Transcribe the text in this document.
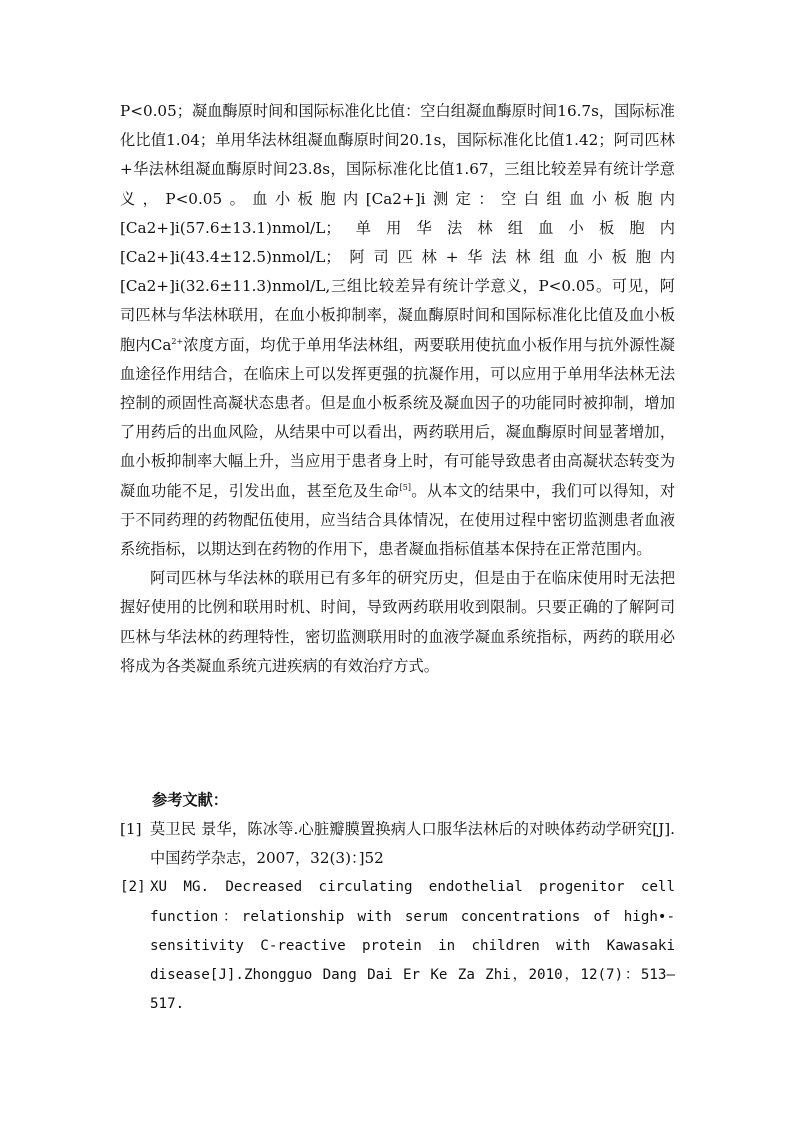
P<0.05；凝血酶原时间和国际标准化比值：空白组凝血酶原时间16.7s，国际标准化比值1.04；单用华法林组凝血酶原时间20.1s，国际标准化比值1.42；阿司匹林+华法林组凝血酶原时间23.8s，国际标准化比值1.67，三组比较差异有统计学意义，P<0.05。血小板胞内[Ca2+]i测定：空白组血小板胞内[Ca2+]i(57.6±13.1)nmol/L；单用华法林组血小板胞内[Ca2+]i(43.4±12.5)nmol/L；阿司匹林+华法林组血小板胞内[Ca2+]i(32.6±11.3)nmol/L,三组比较差异有统计学意义，P<0.05。可见，阿司匹林与华法林联用，在血小板抑制率，凝血酶原时间和国际标准化比值及血小板胞内$Ca^{2+}$浓度方面，均优于单用华法林组，两要联用使抗血小板作用与抗外源性凝血途径作用结合，在临床上可以发挥更强的抗凝作用，可以应用于单用华法林无法控制的顽固性高凝状态患者。但是血小板系统及凝血因子的功能同时被抑制，增加了用药后的出血风险，从结果中可以看出，两药联用后，凝血酶原时间显著增加，血小板抑制率大幅上升，当应用于患者身上时，有可能导致患者由高凝状态转变为凝血功能不足，引发出血，甚至危及生命[5]。从本文的结果中，我们可以得知，对于不同药理的药物配伍使用，应当结合具体情况，在使用过程中密切监测患者血液系统指标，以期达到在药物的作用下，患者凝血指标值基本保持在正常范围内。

阿司匹林与华法林的联用已有多年的研究历史，但是由于在临床使用时无法把握好使用的比例和联用时机、时间，导致两药联用收到限制。只要正确的了解阿司匹林与华法林的药理特性，密切监测联用时的血液学凝血系统指标，两药的联用必将成为各类凝血系统亢进疾病的有效治疗方式。

参考文献：
[1] 莫卫民 景华，陈冰等.心脏瓣膜置换病人口服华法林后的对映体药动学研究[J]. 中国药学杂志，2007，32(3)：]52
[2] XU MG. Decreased circulating endothelial progenitor cell function：relationship with serum concentrations of high•-sensitivity C-reactive protein in children with Kawasaki disease[J].Zhongguo Dang Dai Er Ke Za Zhi，2010，12(7)：513—517.
